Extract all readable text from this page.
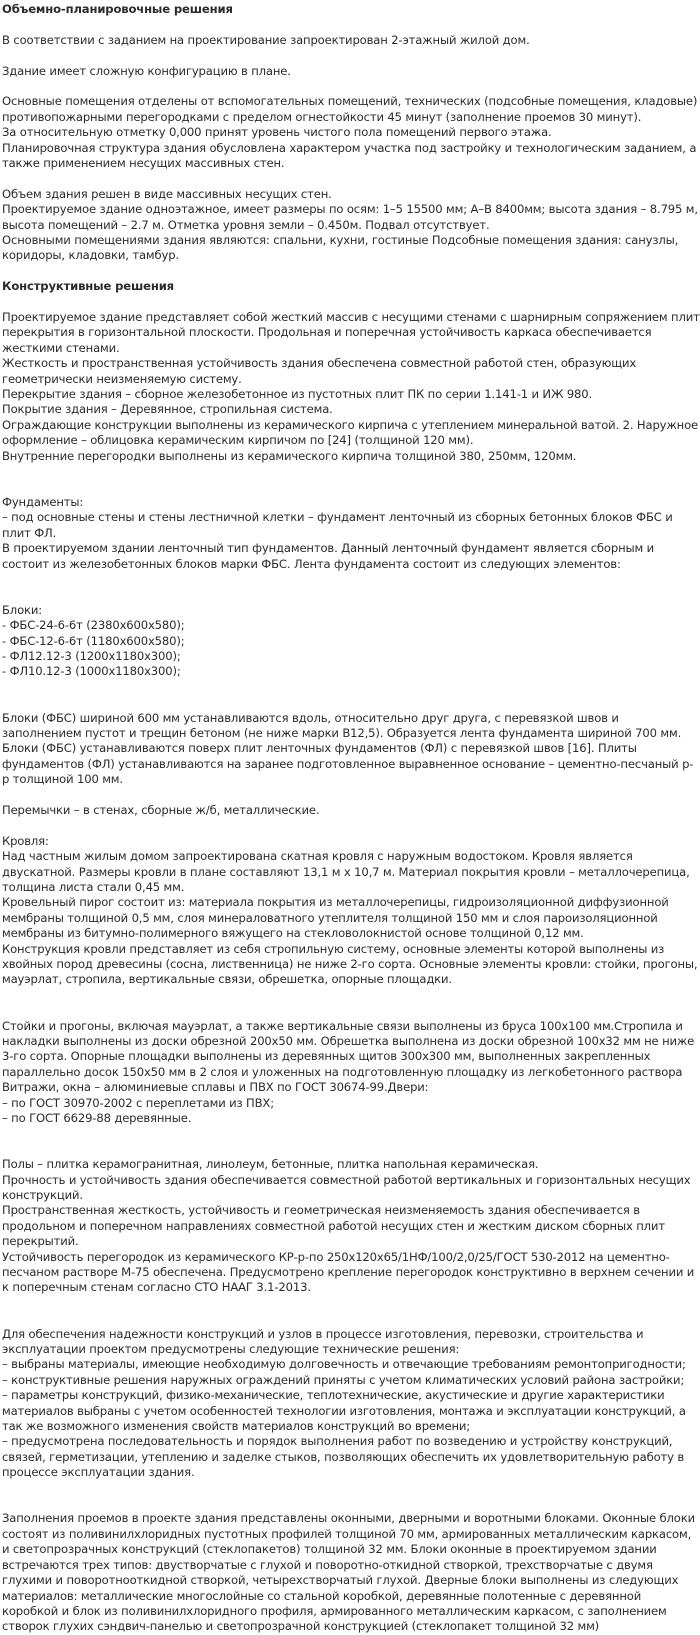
Объемно-планировочные решения

В соответствии с заданием на проектирование запроектирован 2-этажный жилой дом.

Здание имеет сложную конфигурацию в плане.

Основные помещения отделены от вспомогательных помещений, технических (подсобные помещения, кладовые) противопожарными перегородками с пределом огнестойкости 45 минут (заполнение проемов 30 минут).
За относительную отметку 0,000 принят уровень чистого пола помещений первого этажа.
Планировочная структура здания обусловлена характером участка под застройку и технологическим заданием, а также применением несущих массивных стен.

Объем здания решен в виде массивных несущих стен.
Проектируемое здание одноэтажное, имеет размеры по осям: 1–5 15500 мм; А–В 8400мм; высота здания – 8.795 м, высота помещений – 2.7 м. Отметка уровня земли – 0.450м. Подвал отсутствует.
Основными помещениями здания являются: спальни, кухни, гостиные Подсобные помещения здания: санузлы, коридоры, кладовки, тамбур.

Конструктивные решения

Проектируемое здание представляет собой жесткий массив с несущими стенами с шарнирным сопряжением плит перекрытия в горизонтальной плоскости. Продольная и поперечная устойчивость каркаса обеспечивается жесткими стенами.
Жесткость и пространственная устойчивость здания обеспечена совместной работой стен, образующих геометрически неизменяемую систему.
Перекрытие здания – сборное железобетонное из пустотных плит ПК по серии 1.141-1 и ИЖ 980.
Покрытие здания – Деревянное, стропильная система.
Ограждающие конструкции выполнены из керамического кирпича с утеплением минеральной ватой. 2. Наружное оформление – облицовка керамическим кирпичом по [24] (толщиной 120 мм).
Внутренние перегородки выполнены из керамического кирпича толщиной 380, 250мм, 120мм.

Фундаменты:
– под основные стены и стены лестничной клетки – фундамент ленточный из сборных бетонных блоков ФБС и плит ФЛ.
В проектируемом здании ленточный тип фундаментов. Данный ленточный фундамент является сборным и состоит из железобетонных блоков марки ФБС. Лента фундамента состоит из следующих элементов:

Блоки:
- ФБС-24-6-6т (2380х600х580);
- ФБС-12-6-6т (1180х600х580);
- ФЛ12.12-3 (1200х1180х300);
- ФЛ10.12-3 (1000х1180х300);

Блоки (ФБС) шириной 600 мм устанавливаются вдоль, относительно друг друга, с перевязкой швов и заполнением пустот и трещин бетоном (не ниже марки В12,5). Образуется лента фундамента шириной 700 мм. Блоки (ФБС) устанавливаются поверх плит ленточных фундаментов (ФЛ) с перевязкой швов [16]. Плиты фундаментов (ФЛ) устанавливаются на заранее подготовленное выравненное основание – цементно-песчаный р-р толщиной 100 мм.

Перемычки – в стенах, сборные ж/б, металлические.

Кровля:
Над частным жилым домом запроектирована скатная кровля с наружным водостоком. Кровля является двускатной. Размеры кровли в плане составляют 13,1 м х 10,7 м. Материал покрытия кровли – металлочерепица, толщина листа стали 0,45 мм.
Кровельный пирог состоит из: материала покрытия из металлочерепицы, гидроизоляционной диффузионной мембраны толщиной 0,5 мм, слоя минераловатного утеплителя толщиной 150 мм и слоя пароизоляционной мембраны из битумно-полимерного вяжущего на стекловолокнистой основе толщиной 0,12 мм.
Конструкция кровли представляет из себя стропильную систему, основные элементы которой выполнены из хвойных пород древесины (сосна, лиственница) не ниже 2-го сорта. Основные элементы кровли: стойки, прогоны, мауэрлат, стропила, вертикальные связи, обрешетка, опорные площадки.

Стойки и прогоны, включая мауэрлат, а также вертикальные связи выполнены из бруса 100х100 мм.Стропила и накладки выполнены из доски обрезной 200х50 мм. Обрешетка выполнена из доски обрезной 100х32 мм не ниже 3-го сорта. Опорные площадки выполнены из деревянных щитов 300х300 мм, выполненных закрепленных параллельно досок 150х50 мм в 2 слоя и уложенных на подготовленную площадку из легкобетонного раствора
Витражи, окна – алюминиевые сплавы и ПВХ по ГОСТ 30674-99.Двери:
– по ГОСТ 30970-2002 с переплетами из ПВХ;
– по ГОСТ 6629-88 деревянные.

Полы – плитка керамогранитная, линолеум, бетонные, плитка напольная керамическая.
Прочность и устойчивость здания обеспечивается совместной работой вертикальных и горизонтальных несущих конструкций.
Пространственная жесткость, устойчивость и геометрическая неизменяемость здания обеспечивается в продольном и поперечном направлениях совместной работой несущих стен и жестким диском сборных плит перекрытий.
Устойчивость перегородок из керамического КР-р-по 250х120х65/1НФ/100/2,0/25/ГОСТ 530-2012 на цементно-песчаном растворе М-75 обеспечена. Предусмотрено крепление перегородок конструктивно в верхнем сечении и к поперечным стенам согласно СТО НААГ 3.1-2013.

Для обеспечения надежности конструкций и узлов в процессе изготовления, перевозки, строительства и эксплуатации проектом предусмотрены следующие технические решения:
– выбраны материалы, имеющие необходимую долговечность и отвечающие требованиям ремонтопригодности;
– конструктивные решения наружных ограждений приняты с учетом климатических условий района застройки;
– параметры конструкций, физико-механические, теплотехнические, акустические и другие характеристики материалов выбраны с учетом особенностей технологии изготовления, монтажа и эксплуатации конструкций, а так же возможного изменения свойств материалов конструкций во времени;
– предусмотрена последовательность и порядок выполнения работ по возведению и устройству конструкций, связей, герметизации, утеплению и заделке стыков, позволяющих обеспечить их удовлетворительную работу в процессе эксплуатации здания.

Заполнения проемов в проекте здания представлены оконными, дверными и воротными блоками. Оконные блоки состоят из поливинилхлоридных пустотных профилей толщиной 70 мм, армированных металлическим каркасом, и светопрозрачных конструкций (стеклопакетов) толщиной 32 мм. Блоки оконные в проектируемом здании встречаются трех типов: двустворчатые с глухой и поворотно-откидной створкой, трехстворчатые с двумя глухими и поворотнооткидной створкой, четырехстворчатый глухой. Дверные блоки выполнены из следующих материалов: металлические многослойные со стальной коробкой, деревянные полотенные с деревянной коробкой и блок из поливинилхлоридного профиля, армированного металлическим каркасом, с заполнением створок глухих сэндвич-панелью и светопрозрачной конструкцией (стеклопакет толщиной 32 мм)
